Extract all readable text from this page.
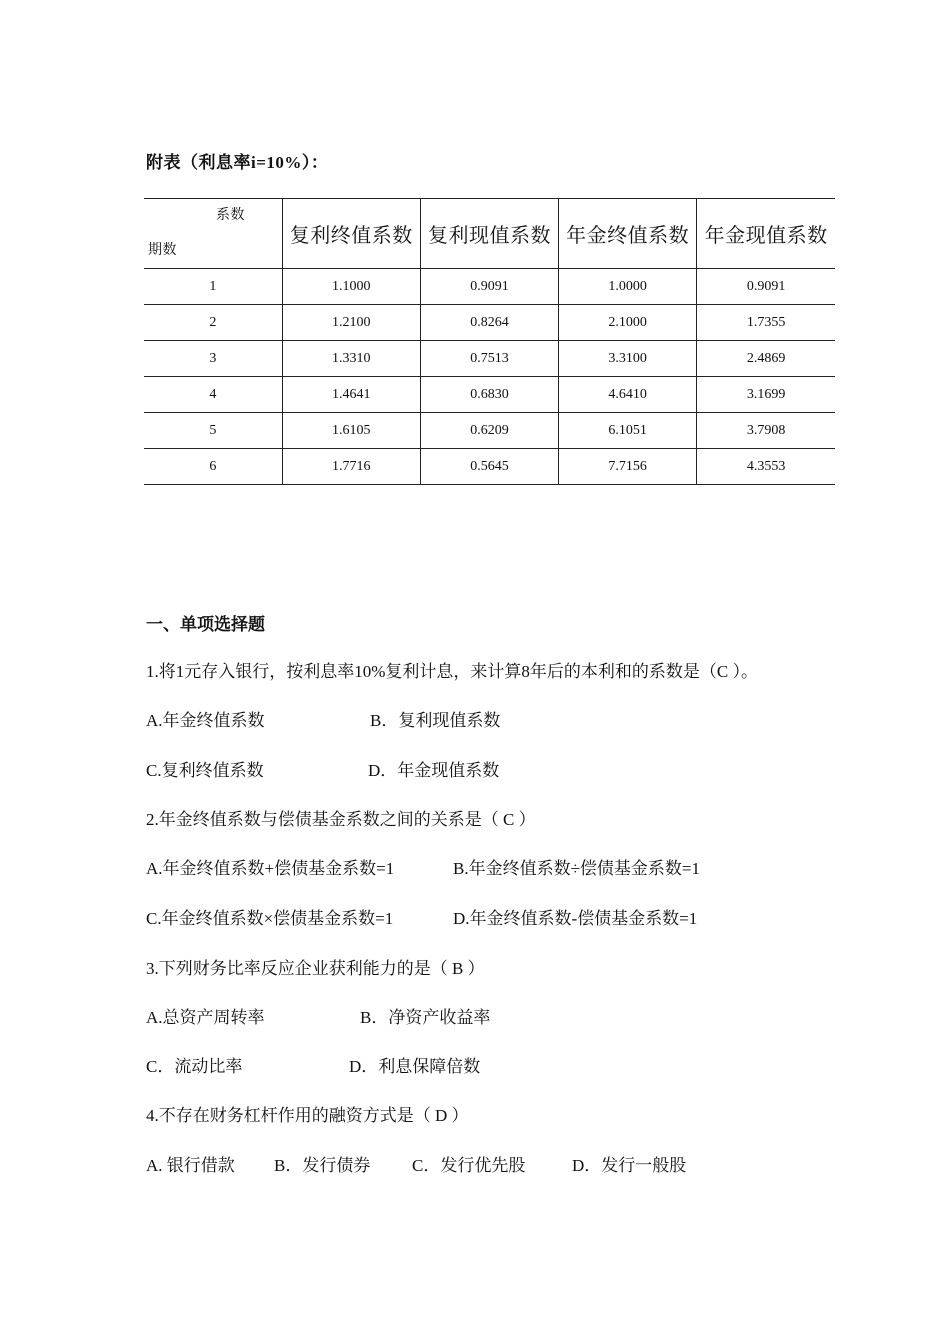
附表（利息率i=10%）：
系数
期数	复利终值系数	复利现值系数	年金终值系数	年金现值系数
1	1.1000	0.9091	1.0000	0.9091
2	1.2100	0.8264	2.1000	1.7355
3	1.3310	0.7513	3.3100	2.4869
4	1.4641	0.6830	4.6410	3.1699
5	1.6105	0.6209	6.1051	3.7908
6	1.7716	0.5645	7.7156	4.3553
一、单项选择题
1.将1元存入银行，按利息率10%复利计息，来计算8年后的本利和的系数是（C ）。
A.年金终值系数	B．复利现值系数
C.复利终值系数	D．年金现值系数
2.年金终值系数与偿债基金系数之间的关系是（ C ）
A.年金终值系数+偿债基金系数=1	B.年金终值系数÷偿债基金系数=1
C.年金终值系数×偿债基金系数=1	D.年金终值系数-偿债基金系数=1
3.下列财务比率反应企业获利能力的是（ B ）
A.总资产周转率	B．净资产收益率
C．流动比率	D．利息保障倍数
4.不存在财务杠杆作用的融资方式是（ D ）
A. 银行借款 B．发行债券 C．发行优先股	D．发行一般股
